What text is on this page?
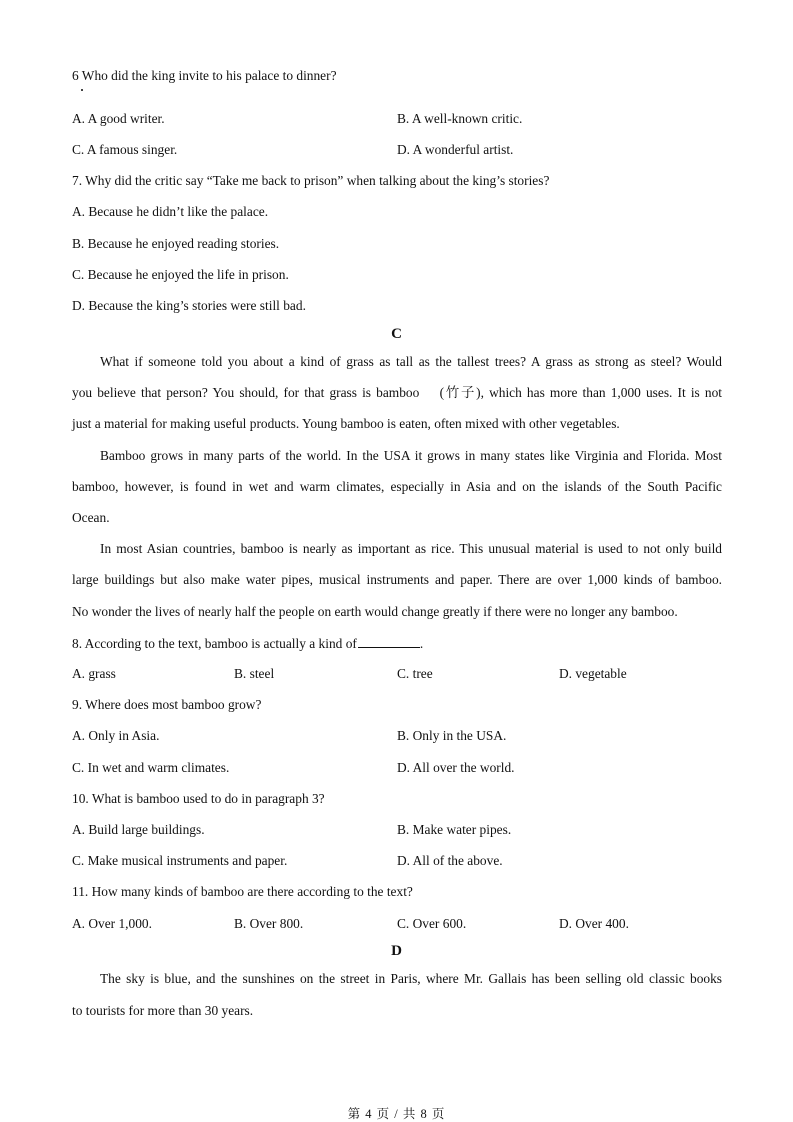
6 Who did the king invite to his palace to dinner?
A. A good writer.	B. A well-known critic.
C. A famous singer.	D. A wonderful artist.
7. Why did the critic say “Take me back to prison” when talking about the king’s stories?
A. Because he didn’t like the palace.
B. Because he enjoyed reading stories.
C. Because he enjoyed the life in prison.
D. Because the king’s stories were still bad.
C
What if someone told you about a kind of grass as tall as the tallest trees? A grass as strong as steel? Would
you believe that person? You should, for that grass is bamboo 　(竹子), which has more than 1,000 uses. It is not
just a material for making useful products. Young bamboo is eaten, often mixed with other vegetables.
Bamboo grows in many parts of the world. In the USA it grows in many states like Virginia and Florida. Most
bamboo, however, is found in wet and warm climates, especially in Asia and on the islands of the South Pacific
Ocean.
In most Asian countries, bamboo is nearly as important as rice. This unusual material is used to not only build
large buildings but also make water pipes, musical instruments and paper. There are over 1,000 kinds of bamboo.
No wonder the lives of nearly half the people on earth would change greatly if there were no longer any bamboo.
8. According to the text, bamboo is actually a kind of	.
A. grass	B. steel	C. tree	D. vegetable
9. Where does most bamboo grow?
A. Only in Asia.	B. Only in the USA.
C. In wet and warm climates.	D. All over the world.
10. What is bamboo used to do in paragraph 3?
A. Build large buildings.	B. Make water pipes.
C. Make musical instruments and paper.	D. All of the above.
11. How many kinds of bamboo are there according to the text?
A. Over 1,000.	B. Over 800.	C. Over 600.	D. Over 400.
D
The sky is blue, and the sunshines on the street in Paris, where Mr. Gallais has been selling old classic books
to tourists for more than 30 years.
第 4 页 / 共 8 页
